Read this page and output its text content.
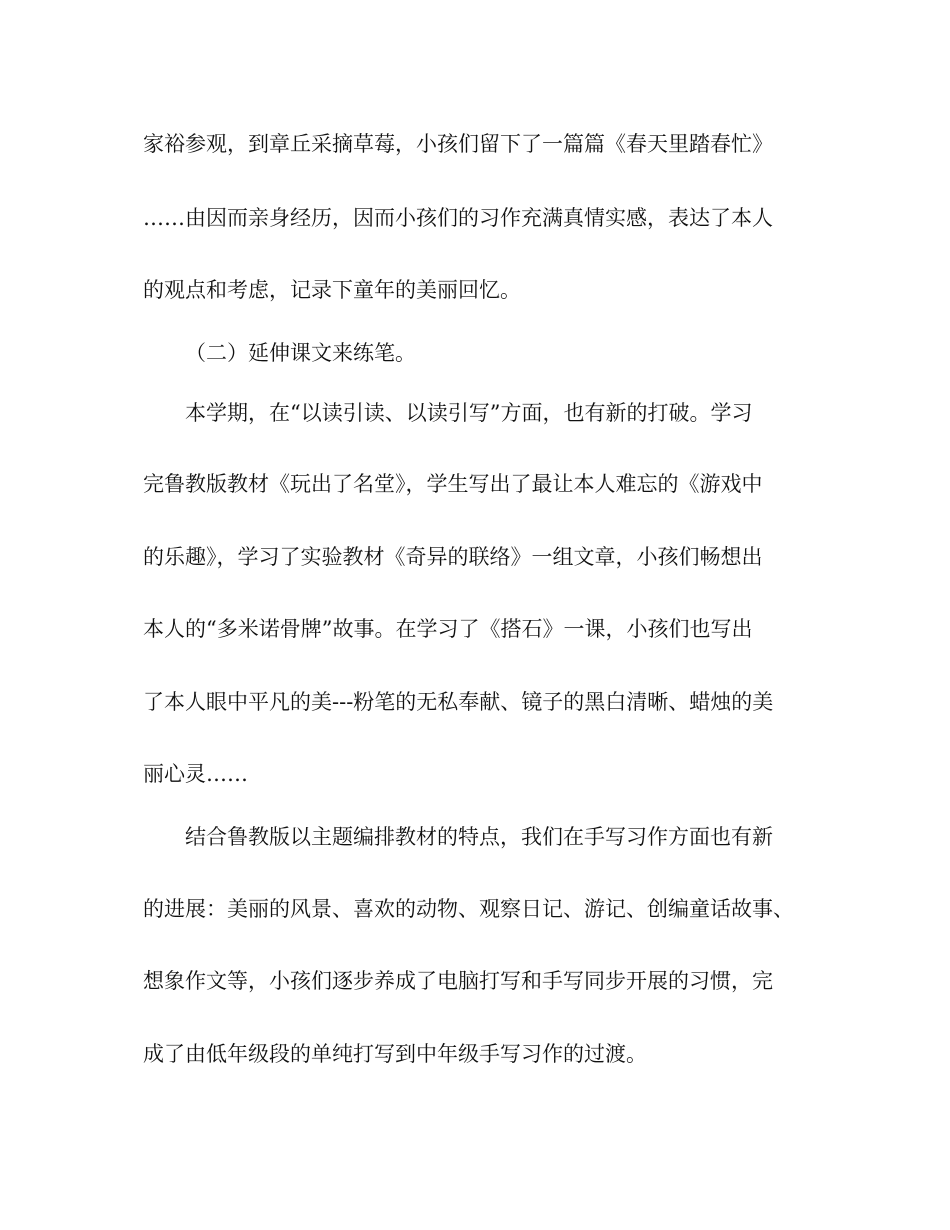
家裕参观，到章丘采摘草莓，小孩们留下了一篇篇《春天里踏春忙》
……由因而亲身经历，因而小孩们的习作充满真情实感，表达了本人
的观点和考虑，记录下童年的美丽回忆。
（二）延伸课文来练笔。
本学期，在“以读引读、以读引写”方面，也有新的打破。学习
完鲁教版教材《玩出了名堂》，学生写出了最让本人难忘的《游戏中
的乐趣》，学习了实验教材《奇异的联络》一组文章，小孩们畅想出
本人的“多米诺骨牌”故事。在学习了《搭石》一课，小孩们也写出
了本人眼中平凡的美---粉笔的无私奉献、镜子的黑白清晰、蜡烛的美
丽心灵……
结合鲁教版以主题编排教材的特点，我们在手写习作方面也有新
的进展：美丽的风景、喜欢的动物、观察日记、游记、创编童话故事、
想象作文等，小孩们逐步养成了电脑打写和手写同步开展的习惯，完
成了由低年级段的单纯打写到中年级手写习作的过渡。
